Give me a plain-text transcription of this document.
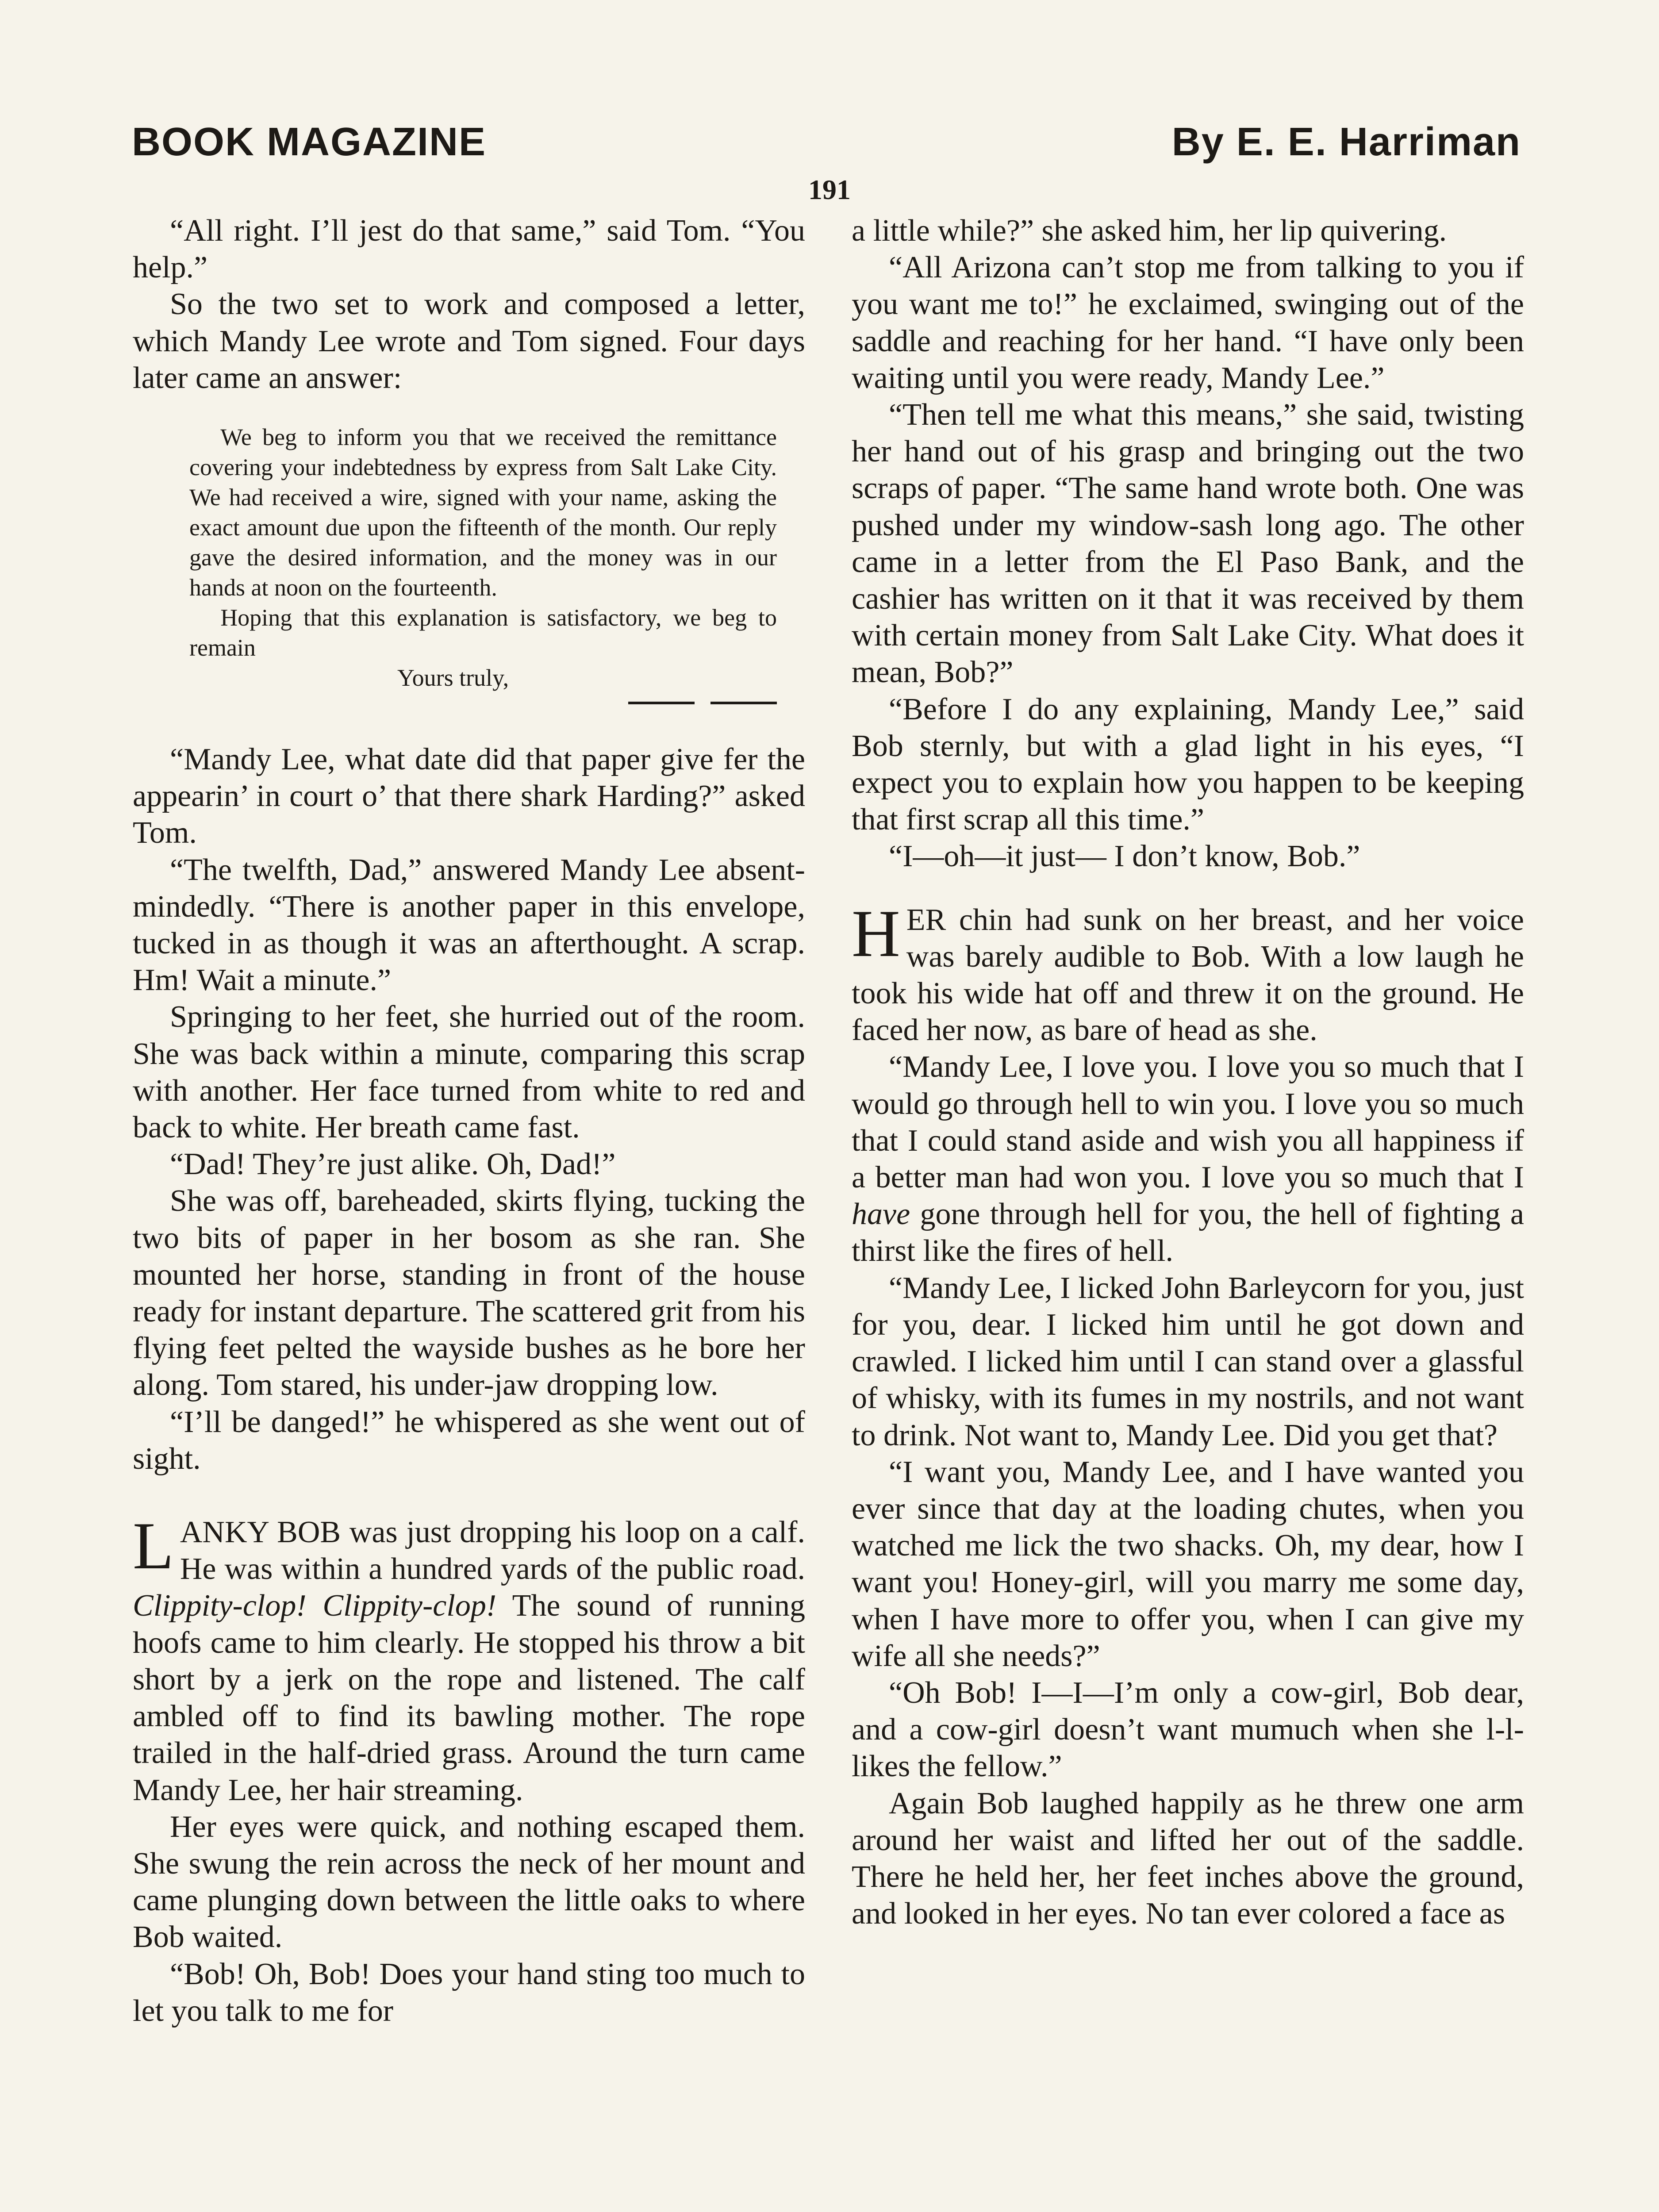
BOOK MAGAZINE	By E. E. Harriman
191

“All right. I’ll jest do that same,” said Tom. “You help.”

So the two set to work and composed a letter, which Mandy Lee wrote and Tom signed. Four days later came an answer:

We beg to inform you that we received the remittance covering your indebtedness by express from Salt Lake City. We had received a wire, signed with your name, asking the exact amount due upon the fifteenth of the month. Our reply gave the desired information, and the money was in our hands at noon on the fourteenth.

Hoping that this explanation is satisfactory, we beg to remain

Yours truly,

“Mandy Lee, what date did that paper give fer the appearin’ in court o’ that there shark Harding?” asked Tom.

“The twelfth, Dad,” answered Mandy Lee absent-mindedly. “There is another paper in this envelope, tucked in as though it was an afterthought. A scrap. Hm! Wait a minute.”

Springing to her feet, she hurried out of the room. She was back within a minute, comparing this scrap with another. Her face turned from white to red and back to white. Her breath came fast.

“Dad! They’re just alike. Oh, Dad!”

She was off, bareheaded, skirts flying, tucking the two bits of paper in her bosom as she ran. She mounted her horse, standing in front of the house ready for instant departure. The scattered grit from his flying feet pelted the wayside bushes as he bore her along. Tom stared, his under-jaw dropping low.

“I’ll be danged!” he whispered as she went out of sight.

LANKY BOB was just dropping his loop on a calf. He was within a hundred yards of the public road. Clippity-clop! Clippity-clop! The sound of running hoofs came to him clearly. He stopped his throw a bit short by a jerk on the rope and listened. The calf ambled off to find its bawling mother. The rope trailed in the half-dried grass. Around the turn came Mandy Lee, her hair streaming.

Her eyes were quick, and nothing escaped them. She swung the rein across the neck of her mount and came plunging down between the little oaks to where Bob waited.

“Bob! Oh, Bob! Does your hand sting too much to let you talk to me for

a little while?” she asked him, her lip quivering.

“All Arizona can’t stop me from talking to you if you want me to!” he exclaimed, swinging out of the saddle and reaching for her hand. “I have only been waiting until you were ready, Mandy Lee.”

“Then tell me what this means,” she said, twisting her hand out of his grasp and bringing out the two scraps of paper. “The same hand wrote both. One was pushed under my window-sash long ago. The other came in a letter from the El Paso Bank, and the cashier has written on it that it was received by them with certain money from Salt Lake City. What does it mean, Bob?”

“Before I do any explaining, Mandy Lee,” said Bob sternly, but with a glad light in his eyes, “I expect you to explain how you happen to be keeping that first scrap all this time.”

“I—oh—it just— I don’t know, Bob.”

HER chin had sunk on her breast, and her voice was barely audible to Bob. With a low laugh he took his wide hat off and threw it on the ground. He faced her now, as bare of head as she.

“Mandy Lee, I love you. I love you so much that I would go through hell to win you. I love you so much that I could stand aside and wish you all happiness if a better man had won you. I love you so much that I have gone through hell for you, the hell of fighting a thirst like the fires of hell.

“Mandy Lee, I licked John Barleycorn for you, just for you, dear. I licked him until he got down and crawled. I licked him until I can stand over a glassful of whisky, with its fumes in my nostrils, and not want to drink. Not want to, Mandy Lee. Did you get that?

“I want you, Mandy Lee, and I have wanted you ever since that day at the loading chutes, when you watched me lick the two shacks. Oh, my dear, how I want you! Honey-girl, will you marry me some day, when I have more to offer you, when I can give my wife all she needs?”

“Oh Bob! I—I—I’m only a cow-girl, Bob dear, and a cow-girl doesn’t want mumuch when she l-l-likes the fellow.”

Again Bob laughed happily as he threw one arm around her waist and lifted her out of the saddle. There he held her, her feet inches above the ground, and looked in her eyes. No tan ever colored a face as
